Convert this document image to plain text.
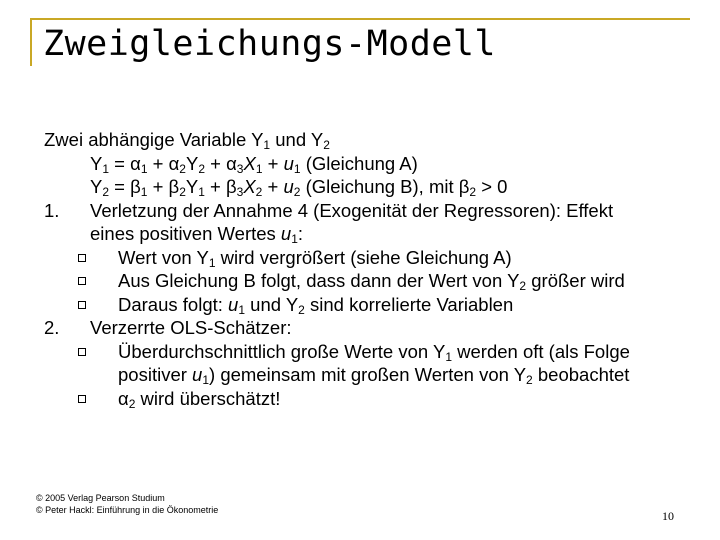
Zweigleichungs-Modell
Zwei abhängige Variable $Y_1$ und $Y_2$
$Y_1 = \alpha_1 + \alpha_2Y_2 + \alpha_3X_1 + u_1$ (Gleichung A)
$Y_2 = \beta_1 + \beta_2Y_1 + \beta_3X_2 + u_2$ (Gleichung B), mit $\beta_2 > 0$
1. Verletzung der Annahme 4 (Exogenität der Regressoren): Effekt
eines positiven Wertes $u_1$:
Wert von $Y_1$ wird vergrößert (siehe Gleichung A)
Aus Gleichung B folgt, dass dann der Wert von $Y_2$ größer wird
Daraus folgt: $u_1$ und $Y_2$ sind korrelierte Variablen
2. Verzerrte OLS-Schätzer:
Überdurchschnittlich große Werte von $Y_1$ werden oft (als Folge
positiver $u_1$) gemeinsam mit großen Werten von $Y_2$ beobachtet
$\alpha_2$ wird überschätzt!
© 2005 Verlag Pearson Studium
© Peter Hackl: Einführung in die Ökonometrie	10
